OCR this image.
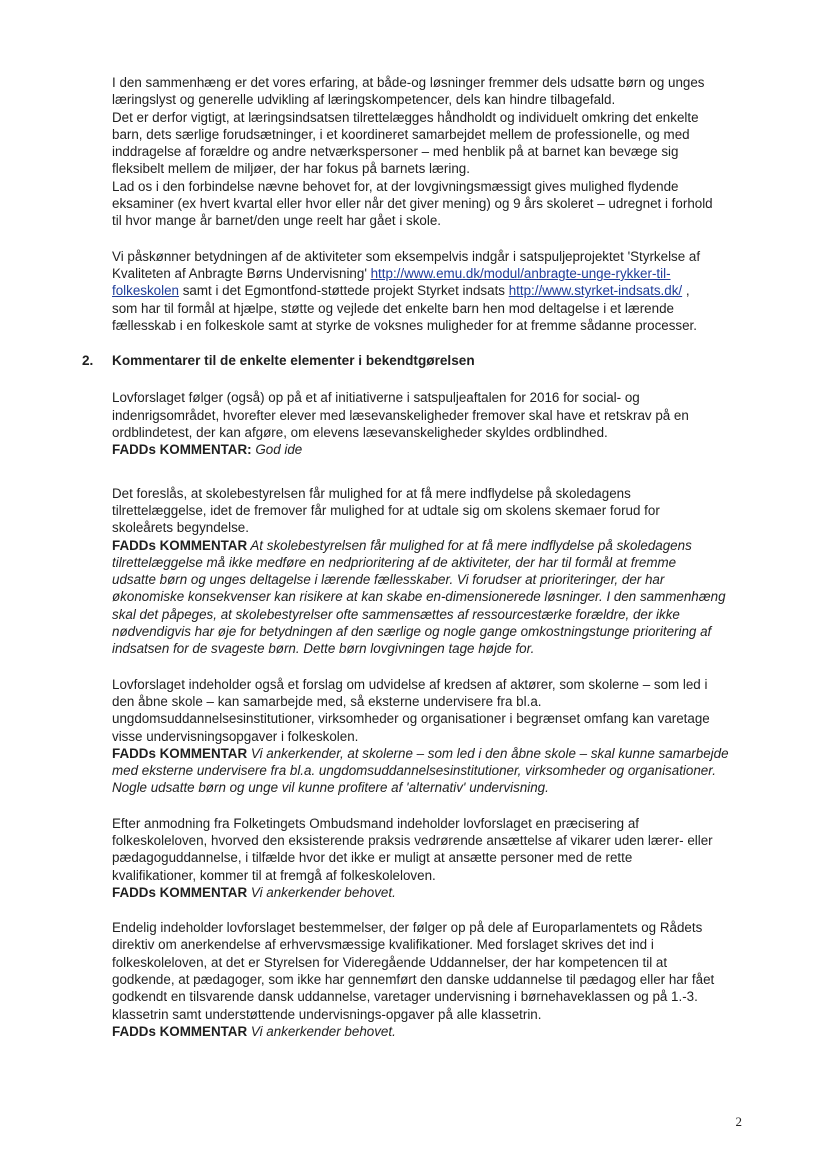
I den sammenhæng er det vores erfaring, at både-og løsninger fremmer dels udsatte børn og unges
læringslyst og generelle udvikling af læringskompetencer, dels kan hindre tilbagefald.
Det er derfor vigtigt, at læringsindsatsen tilrettelægges håndholdt og individuelt omkring det enkelte
barn, dets særlige forudsætninger, i et koordineret samarbejdet mellem de professionelle, og med
inddragelse af forældre og andre netværkspersoner – med henblik på at barnet kan bevæge sig
fleksibelt mellem de miljøer, der har fokus på barnets læring.
Lad os i den forbindelse nævne behovet for, at der lovgivningsmæssigt gives mulighed flydende
eksaminer (ex hvert kvartal eller hvor eller når det giver mening) og 9 års skoleret – udregnet i forhold
til hvor mange år barnet/den unge reelt har gået i skole.
Vi påskønner betydningen af de aktiviteter som eksempelvis indgår i satspuljeprojektet 'Styrkelse af
Kvaliteten af Anbragte Børns Undervisning' http://www.emu.dk/modul/anbragte-unge-rykker-til-
folkeskolen samt i det Egmontfond-støttede projekt Styrket indsats http://www.styrket-indsats.dk/ ,
som har til formål at hjælpe, støtte og vejlede det enkelte barn hen mod deltagelse i et lærende
fællesskab i en folkeskole samt at styrke de voksnes muligheder for at fremme sådanne processer.
2. Kommentarer til de enkelte elementer i bekendtgørelsen
Lovforslaget følger (også) op på et af initiativerne i satspuljeaftalen for 2016 for social- og
indenrigsområdet, hvorefter elever med læsevanskeligheder fremover skal have et retskrav på en
ordblindetest, der kan afgøre, om elevens læsevanskeligheder skyldes ordblindhed.
FADDs KOMMENTAR: God ide
Det foreslås, at skolebestyrelsen får mulighed for at få mere indflydelse på skoledagens
tilrettelæggelse, idet de fremover får mulighed for at udtale sig om skolens skemaer forud for
skoleårets begyndelse.
FADDs KOMMENTAR At skolebestyrelsen får mulighed for at få mere indflydelse på skoledagens
tilrettelæggelse må ikke medføre en nedprioritering af de aktiviteter, der har til formål at fremme
udsatte børn og unges deltagelse i lærende fællesskaber. Vi forudser at prioriteringer, der har
økonomiske konsekvenser kan risikere at kan skabe en-dimensionerede løsninger. I den sammenhæng
skal det påpeges, at skolebestyrelser ofte sammensættes af ressourcestærke forældre, der ikke
nødvendigvis har øje for betydningen af den særlige og nogle gange omkostningstunge prioritering af
indsatsen for de svageste børn. Dette børn lovgivningen tage højde for.
Lovforslaget indeholder også et forslag om udvidelse af kredsen af aktører, som skolerne – som led i
den åbne skole – kan samarbejde med, så eksterne undervisere fra bl.a.
ungdomsuddannelsesinstitutioner, virksomheder og organisationer i begrænset omfang kan varetage
visse undervisningsopgaver i folkeskolen.
FADDs KOMMENTAR Vi ankerkender, at skolerne – som led i den åbne skole – skal kunne samarbejde
med eksterne undervisere fra bl.a. ungdomsuddannelsesinstitutioner, virksomheder og organisationer.
Nogle udsatte børn og unge vil kunne profitere af 'alternativ' undervisning.
Efter anmodning fra Folketingets Ombudsmand indeholder lovforslaget en præcisering af
folkeskoleloven, hvorved den eksisterende praksis vedrørende ansættelse af vikarer uden lærer- eller
pædagoguddannelse, i tilfælde hvor det ikke er muligt at ansætte personer med de rette
kvalifikationer, kommer til at fremgå af folkeskoleloven.
FADDs KOMMENTAR Vi ankerkender behovet.
Endelig indeholder lovforslaget bestemmelser, der følger op på dele af Europarlamentets og Rådets
direktiv om anerkendelse af erhvervsmæssige kvalifikationer. Med forslaget skrives det ind i
folkeskoleloven, at det er Styrelsen for Videregående Uddannelser, der har kompetencen til at
godkende, at pædagoger, som ikke har gennemført den danske uddannelse til pædagog eller har fået
godkendt en tilsvarende dansk uddannelse, varetager undervisning i børnehaveklassen og på 1.-3.
klassetrin samt understøttende undervisnings-opgaver på alle klassetrin.
FADDs KOMMENTAR Vi ankerkender behovet.
2
